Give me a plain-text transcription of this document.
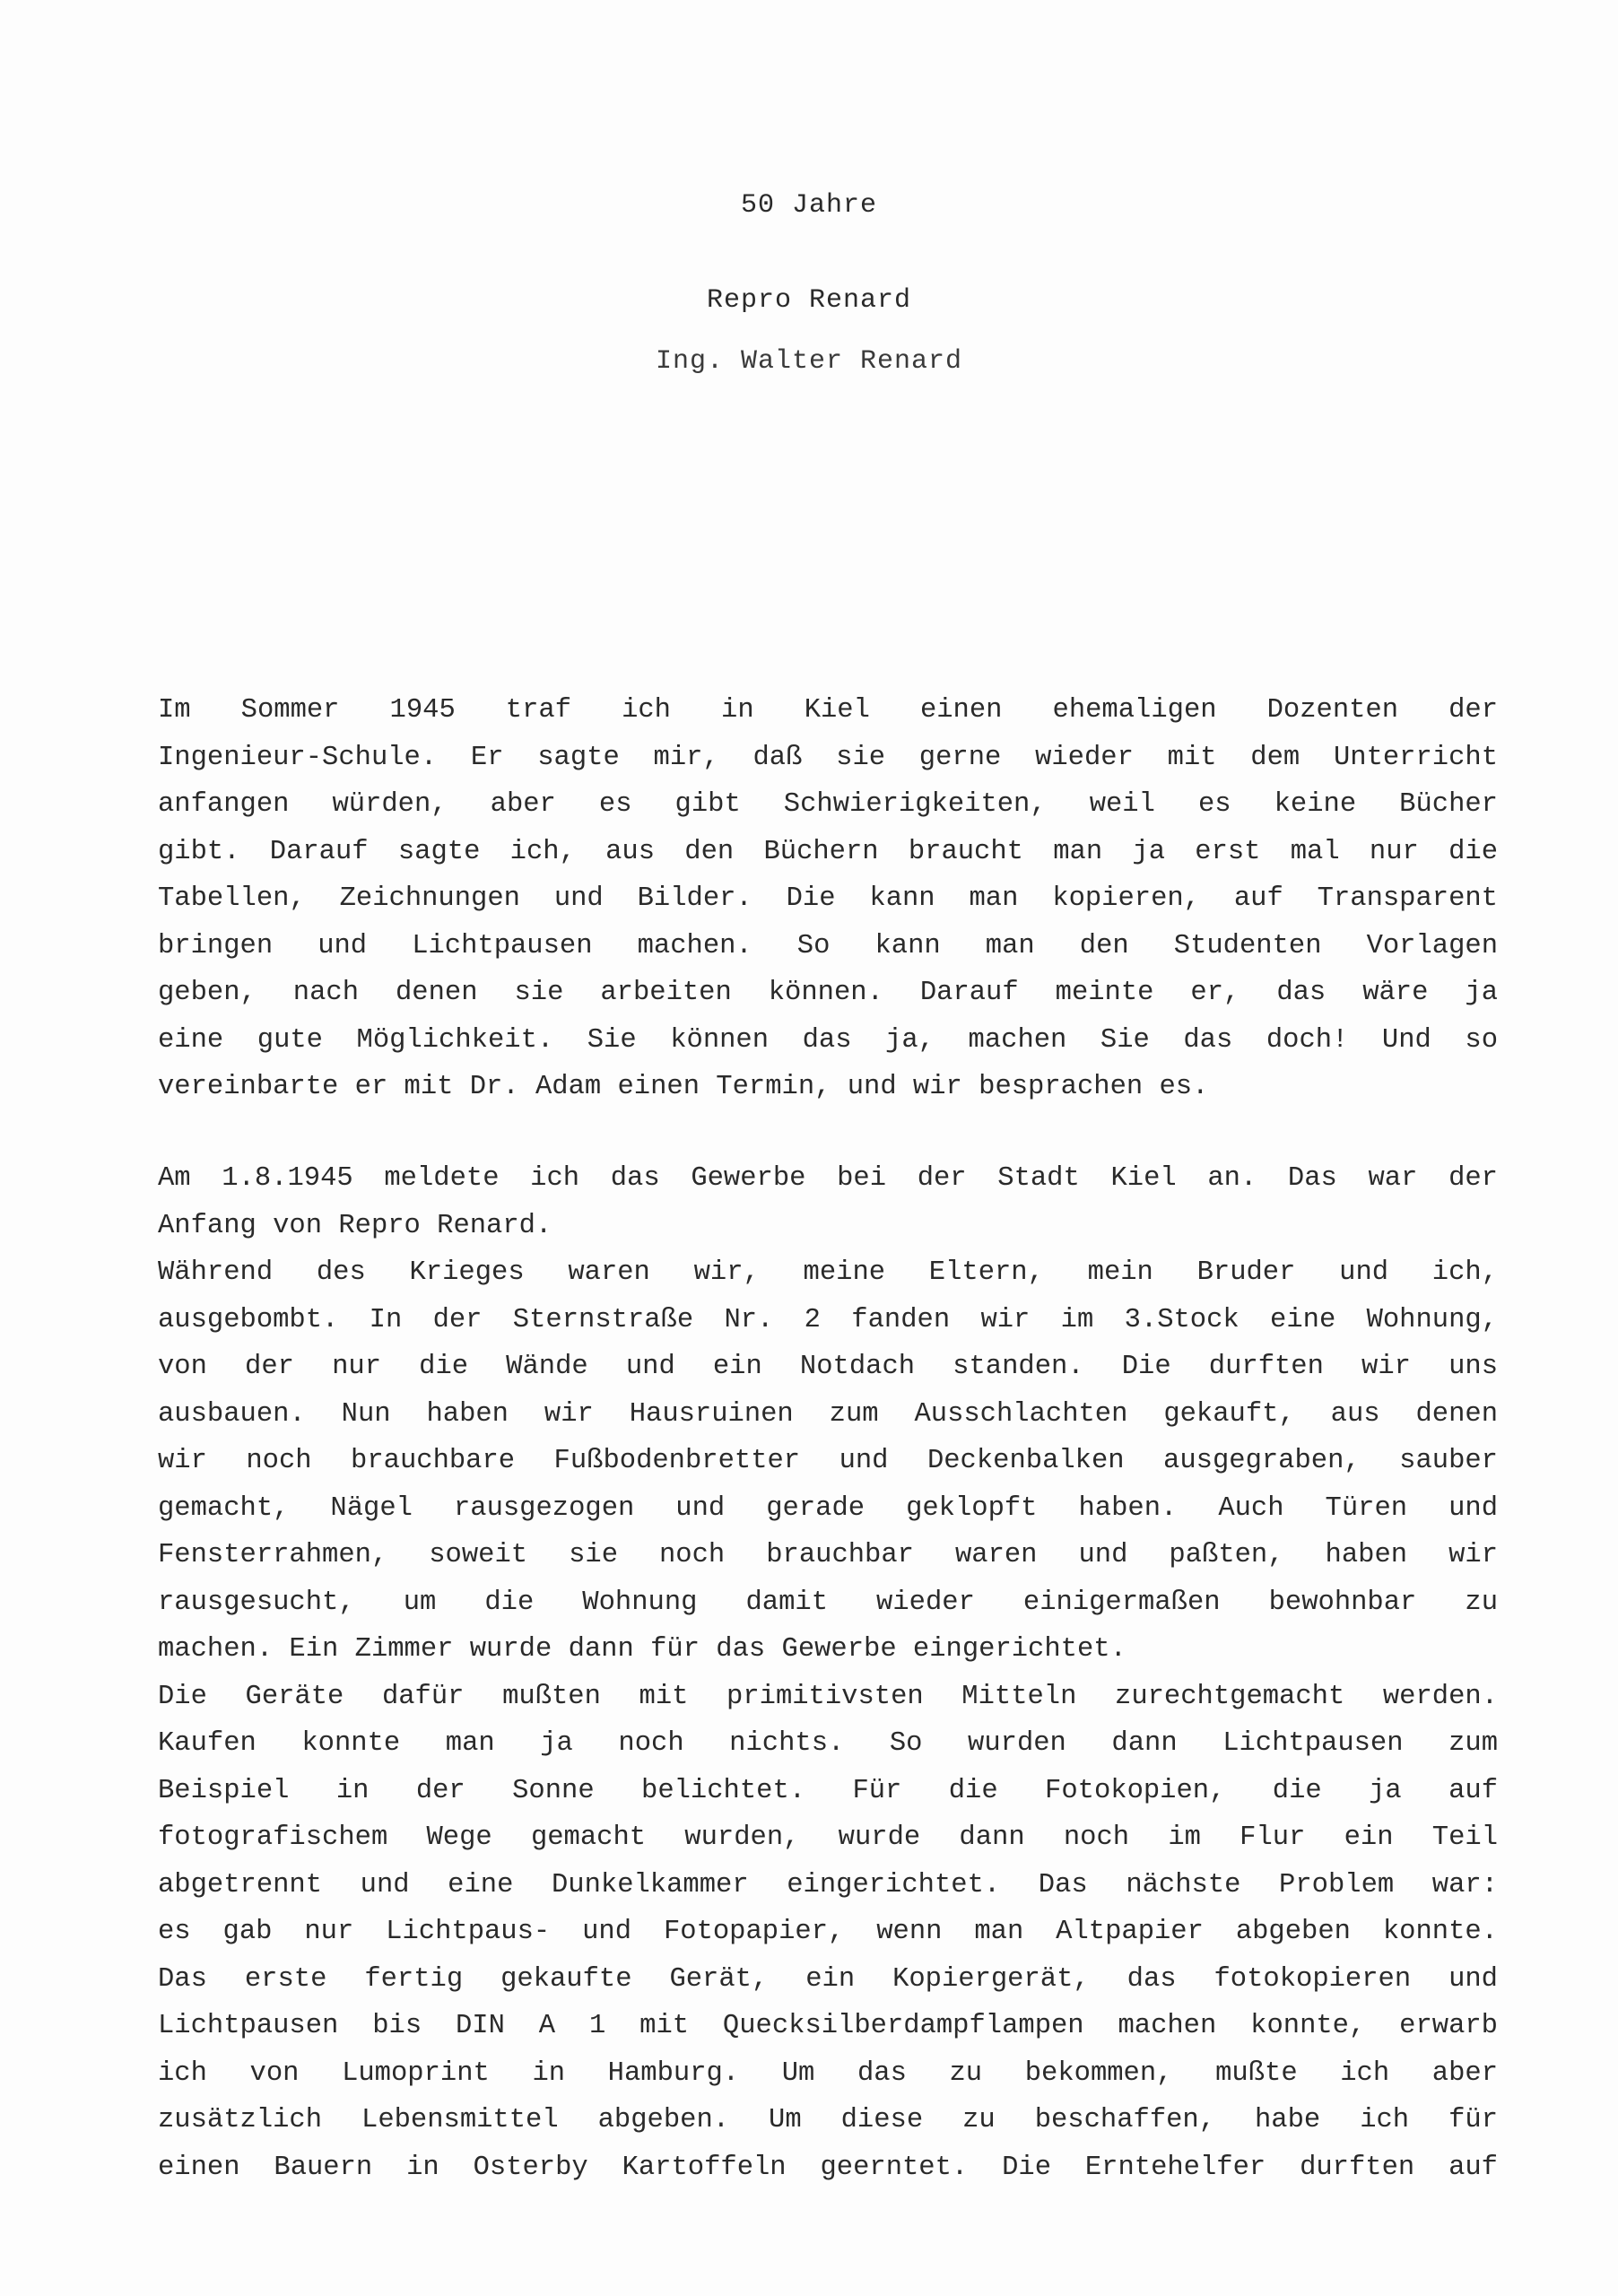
50 Jahre
Repro Renard
Ing. Walter Renard
Im Sommer 1945 traf ich in Kiel einen ehemaligen Dozenten der
Ingenieur-Schule. Er sagte mir, daß sie gerne wieder mit dem Unterricht
anfangen würden, aber es gibt Schwierigkeiten, weil es keine Bücher
gibt. Darauf sagte ich, aus den Büchern braucht man ja erst mal nur die
Tabellen, Zeichnungen und Bilder. Die kann man kopieren, auf Transparent
bringen und Lichtpausen machen. So kann man den Studenten Vorlagen
geben, nach denen sie arbeiten können. Darauf meinte er, das wäre ja
eine gute Möglichkeit. Sie können das ja, machen Sie das doch! Und so
vereinbarte er mit Dr. Adam einen Termin, und wir besprachen es.
Am 1.8.1945 meldete ich das Gewerbe bei der Stadt Kiel an. Das war der
Anfang von Repro Renard.
Während des Krieges waren wir, meine Eltern, mein Bruder und ich,
ausgebombt. In der Sternstraße Nr. 2 fanden wir im 3.Stock eine Wohnung,
von der nur die Wände und ein Notdach standen. Die durften wir uns
ausbauen. Nun haben wir Hausruinen zum Ausschlachten gekauft, aus denen
wir noch brauchbare Fußbodenbretter und Deckenbalken ausgegraben, sauber
gemacht, Nägel rausgezogen und gerade geklopft haben. Auch Türen und
Fensterrahmen, soweit sie noch brauchbar waren und paßten, haben wir
rausgesucht, um die Wohnung damit wieder einigermaßen bewohnbar zu
machen. Ein Zimmer wurde dann für das Gewerbe eingerichtet.
Die Geräte dafür mußten mit primitivsten Mitteln zurechtgemacht werden.
Kaufen konnte man ja noch nichts. So wurden dann Lichtpausen zum
Beispiel in der Sonne belichtet. Für die Fotokopien, die ja auf
fotografischem Wege gemacht wurden, wurde dann noch im Flur ein Teil
abgetrennt und eine Dunkelkammer eingerichtet. Das nächste Problem war:
es gab nur Lichtpaus- und Fotopapier, wenn man Altpapier abgeben konnte.
Das erste fertig gekaufte Gerät, ein Kopiergerät, das fotokopieren und
Lichtpausen bis DIN A 1 mit Quecksilberdampflampen machen konnte, erwarb
ich von Lumoprint in Hamburg. Um das zu bekommen, mußte ich aber
zusätzlich Lebensmittel abgeben. Um diese zu beschaffen, habe ich für
einen Bauern in Osterby Kartoffeln geerntet. Die Erntehelfer durften auf
